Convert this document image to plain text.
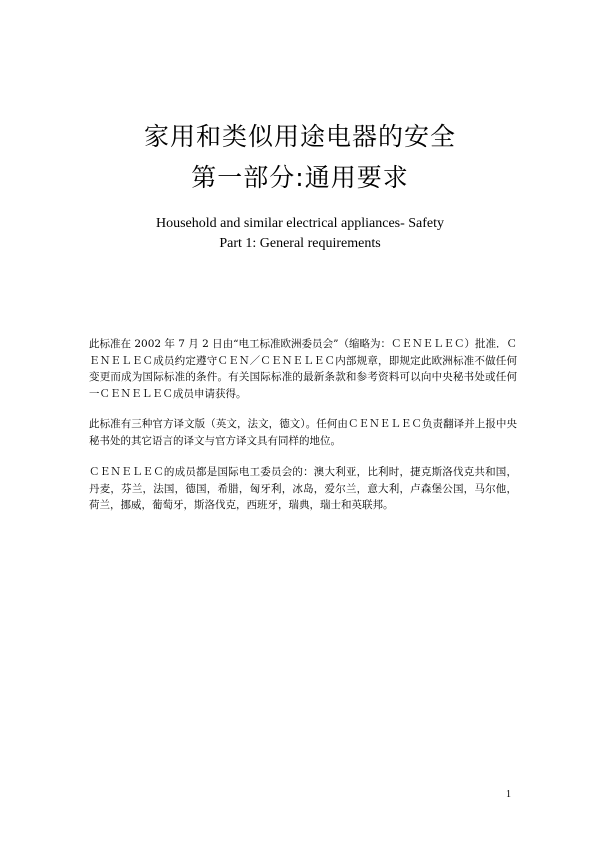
家用和类似用途电器的安全
第一部分:通用要求

Household and similar electrical appliances- Safety

Part 1: General requirements

此标准在 2002 年 7 月 2 日由“电工标准欧洲委员会”（缩略为：ＣＥＮＥＬＥＣ）批准．ＣＥＮＥＬＥＣ成员约定遵守ＣＥＮ／ＣＥＮＥＬＥＣ内部规章，即规定此欧洲标准不做任何变更而成为国际标准的条件。有关国际标准的最新条款和参考资料可以向中央秘书处或任何一ＣＥＮＥＬＥＣ成员申请获得。

此标准有三种官方译文版（英文，法文，德文）。任何由ＣＥＮＥＬＥＣ负责翻译并上报中央秘书处的其它语言的译文与官方译文具有同样的地位。

ＣＥＮＥＬＥＣ的成员都是国际电工委员会的：澳大利亚，比利时，捷克斯洛伐克共和国，丹麦，芬兰，法国，德国，希腊，匈牙利，冰岛，爱尔兰，意大利，卢森堡公国，马尔他，荷兰，挪威，葡萄牙，斯洛伐克，西班牙，瑞典，瑞士和英联邦。

1
